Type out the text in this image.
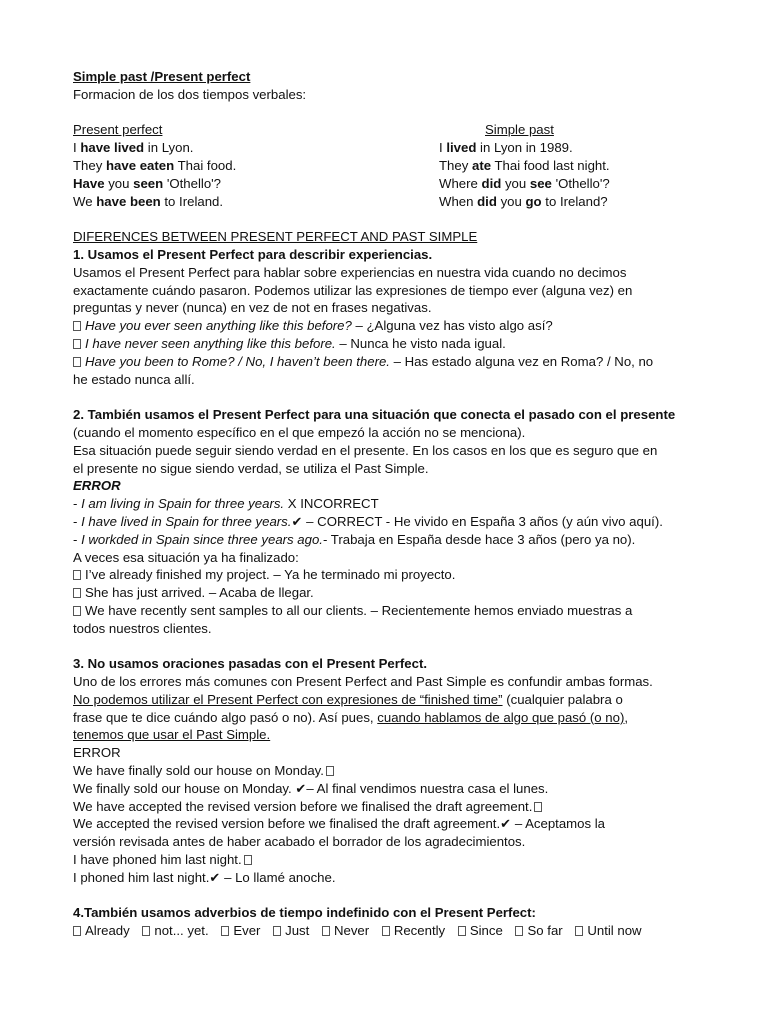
Simple past /Present perfect
Formacion de los dos tiempos verbales:
Present perfect
I have lived in Lyon.
They have eaten Thai food.
Have you seen 'Othello'?
We have been to Ireland.
Simple past
I lived in Lyon in 1989.
They ate Thai food last night.
Where did you see 'Othello'?
When did you go to Ireland?
DIFERENCES BETWEEN PRESENT PERFECT AND PAST SIMPLE
1. Usamos el Present Perfect para describir experiencias.
Usamos el Present Perfect para hablar sobre experiencias en nuestra vida cuando no decimos
exactamente cuándo pasaron. Podemos utilizar las expresiones de tiempo ever (alguna vez) en
preguntas y never (nunca) en vez de not en frases negativas.
Have you ever seen anything like this before? – ¿Alguna vez has visto algo así?
I have never seen anything like this before. – Nunca he visto nada igual.
Have you been to Rome? / No, I haven’t been there. – Has estado alguna vez en Roma? / No, no
he estado nunca allí.
2. También usamos el Present Perfect para una situación que conecta el pasado con el presente
(cuando el momento específico en el que empezó la acción no se menciona).
Esa situación puede seguir siendo verdad en el presente. En los casos en los que es seguro que en
el presente no sigue siendo verdad, se utiliza el Past Simple.
ERROR
- I am living in Spain for three years. X INCORRECT
- I have lived in Spain for three years.✔ – CORRECT - He vivido en España 3 años (y aún vivo aquí).
- I workded in Spain since three years ago.- Trabaja en España desde hace 3 años (pero ya no).
A veces esa situación ya ha finalizado:
I’ve already finished my project. – Ya he terminado mi proyecto.
She has just arrived. – Acaba de llegar.
We have recently sent samples to all our clients. – Recientemente hemos enviado muestras a
todos nuestros clientes.
3. No usamos oraciones pasadas con el Present Perfect.
Uno de los errores más comunes con Present Perfect and Past Simple es confundir ambas formas.
No podemos utilizar el Present Perfect con expresiones de “finished time” (cualquier palabra o
frase que te dice cuándo algo pasó o no). Así pues, cuando hablamos de algo que pasó (o no),
tenemos que usar el Past Simple.
ERROR
We have finally sold our house on Monday.
We finally sold our house on Monday. ✔– Al final vendimos nuestra casa el lunes.
We have accepted the revised version before we finalised the draft agreement.
We accepted the revised version before we finalised the draft agreement.✔ – Aceptamos la
versión revisada antes de haber acabado el borrador de los agradecimientos.
I have phoned him last night.
I phoned him last night.✔ – Lo llamé anoche.
4.También usamos adverbios de tiempo indefinido con el Present Perfect:
Already not... yet. Ever Just Never Recently Since So far Until now
